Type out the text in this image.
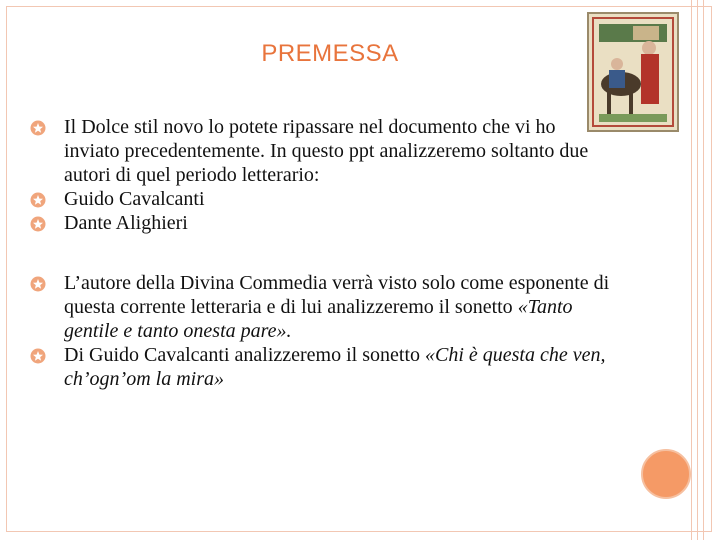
PREMESSA
Il Dolce stil novo lo potete ripassare nel documento che vi ho inviato precedentemente. In questo ppt analizzeremo soltanto due autori di quel periodo letterario:
Guido Cavalcanti
Dante Alighieri
L’autore della Divina Commedia verrà visto solo come esponente di questa corrente letteraria e di lui analizzeremo il sonetto «Tanto gentile e tanto onesta pare».
Di Guido Cavalcanti analizzeremo il sonetto «Chi è questa che ven, ch’ogn’om la mira»
